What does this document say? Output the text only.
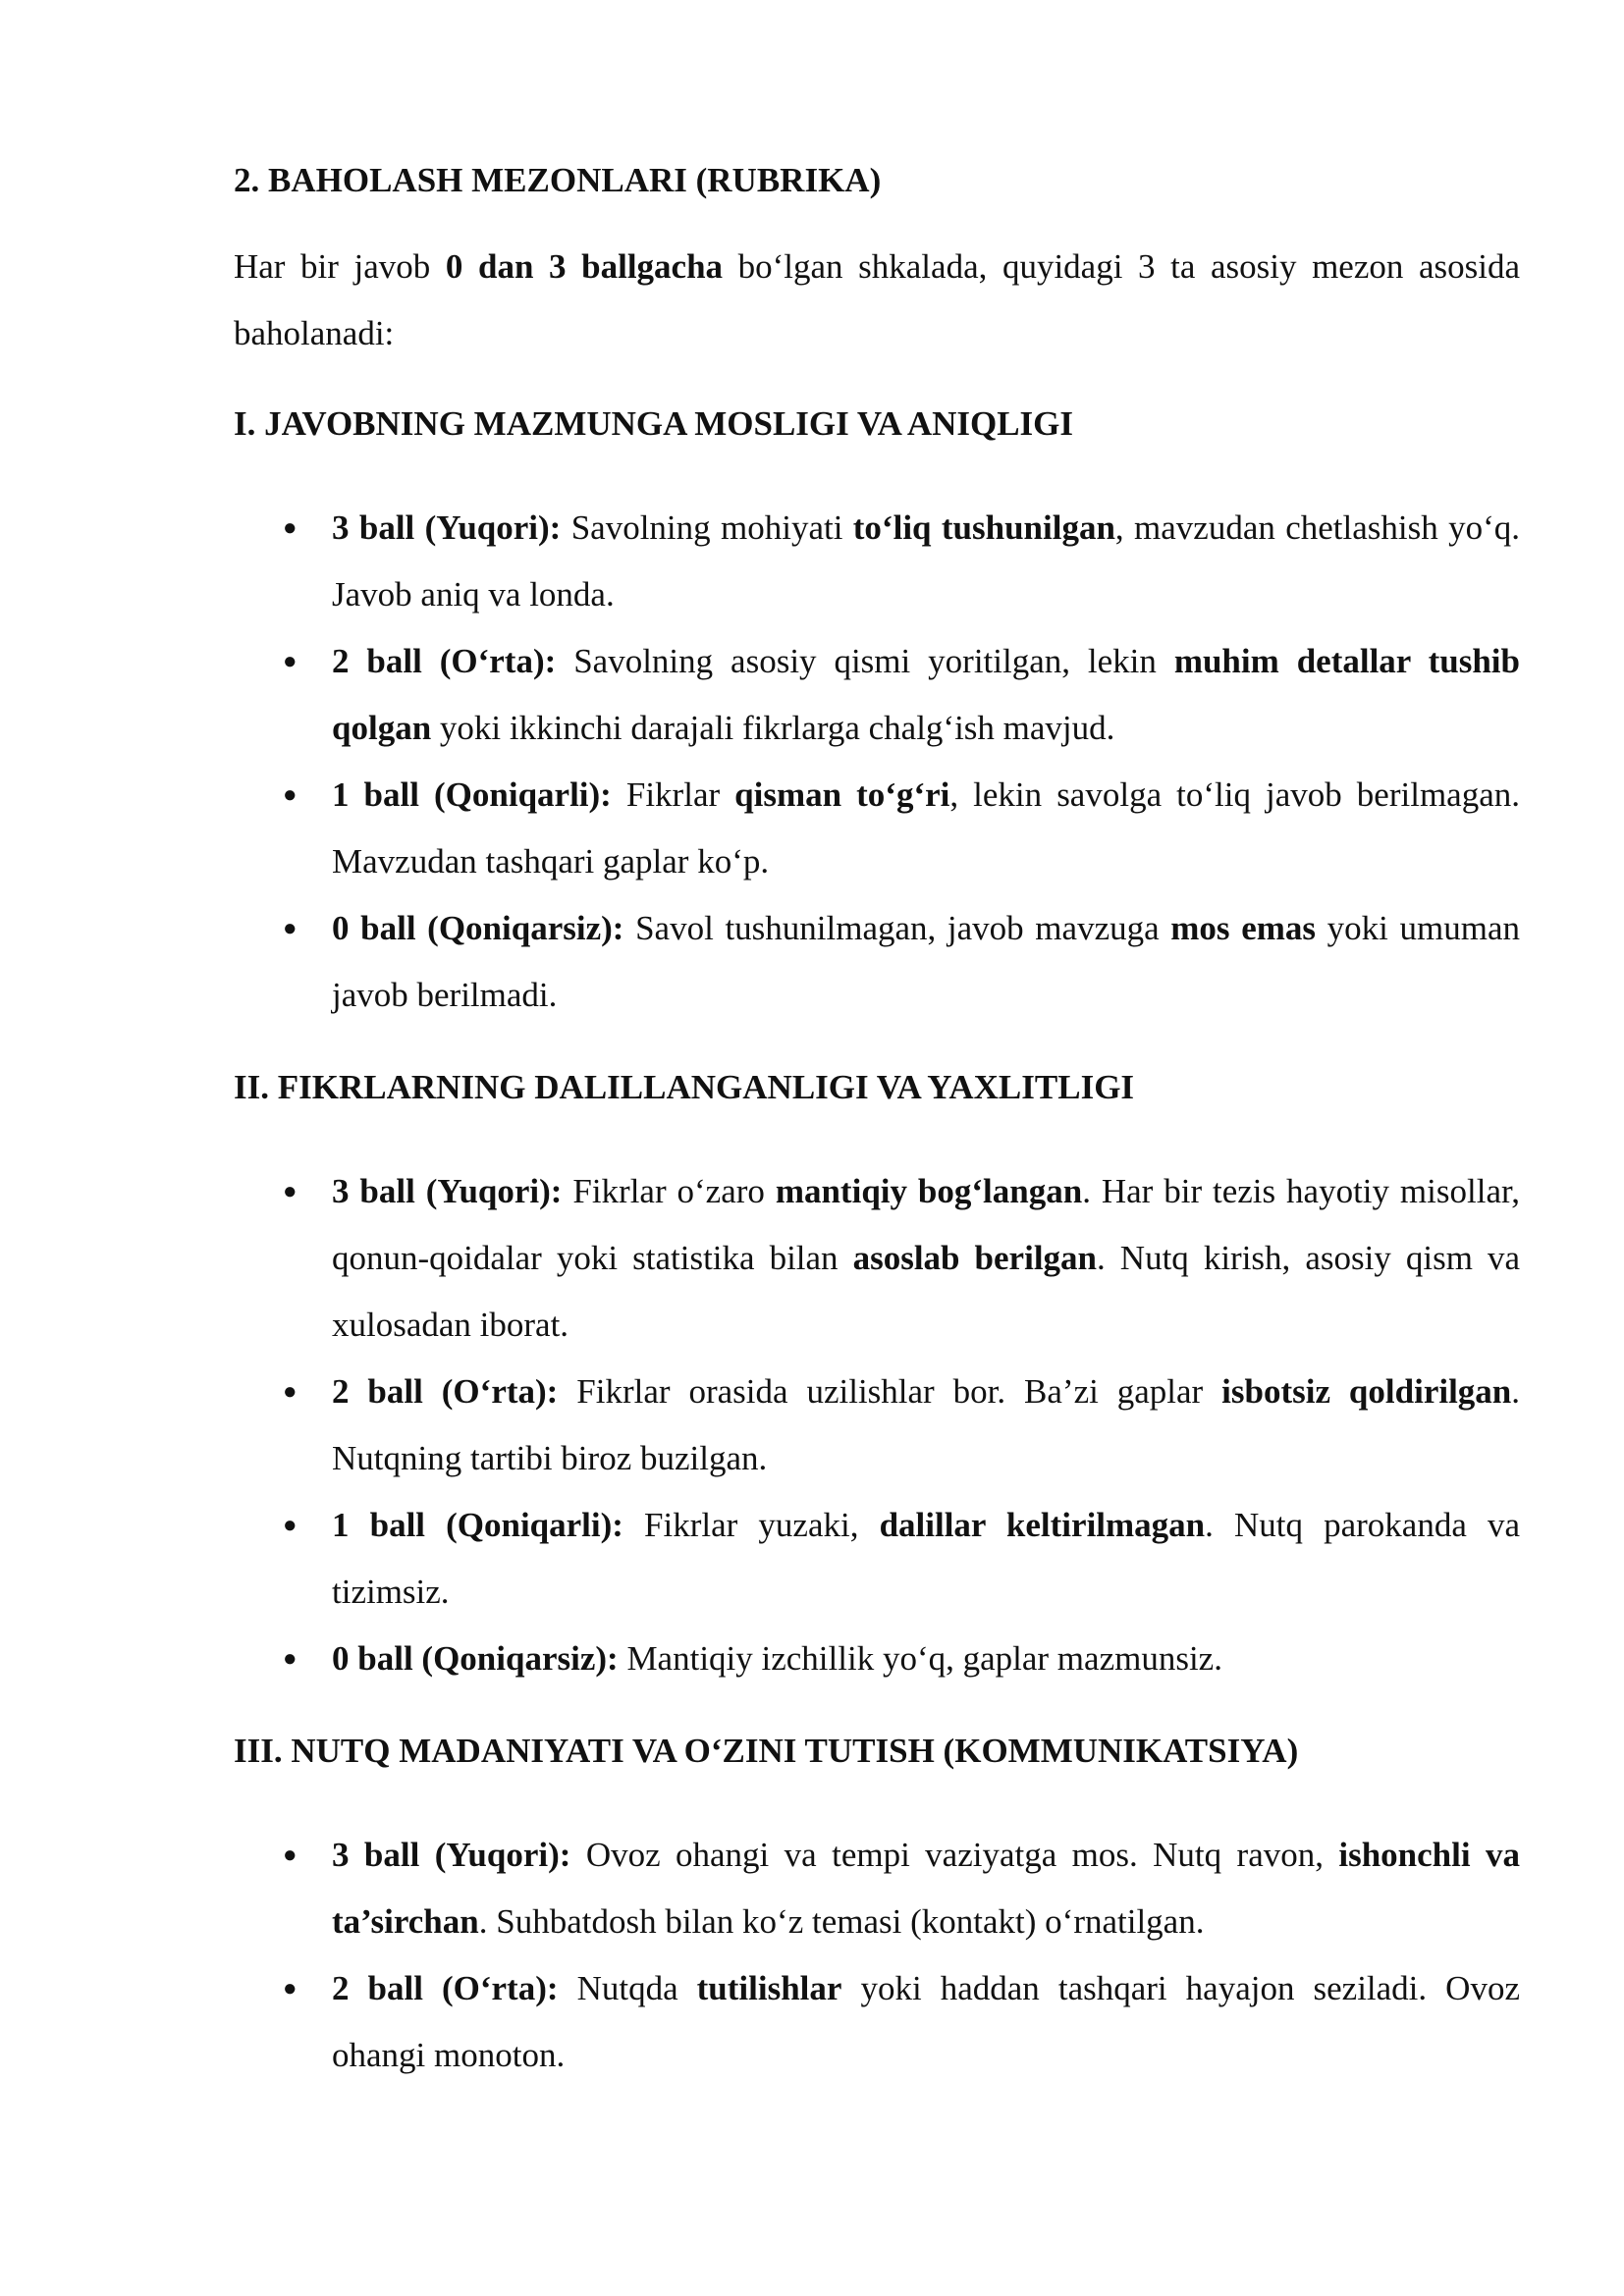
2. BAHOLASH MEZONLARI (RUBRIKA)

Har bir javob 0 dan 3 ballgacha bo‘lgan shkalada, quyidagi 3 ta asosiy mezon asosida baholanadi:

I. JAVOBNING MAZMUNGA MOSLIGI VA ANIQLIGI
● 3 ball (Yuqori): Savolning mohiyati to‘liq tushunilgan, mavzudan chetlashish yo‘q. Javob aniq va londa.
● 2 ball (O‘rta): Savolning asosiy qismi yoritilgan, lekin muhim detallar tushib qolgan yoki ikkinchi darajali fikrlarga chalg‘ish mavjud.
● 1 ball (Qoniqarli): Fikrlar qisman to‘g‘ri, lekin savolga to‘liq javob berilmagan. Mavzudan tashqari gaplar ko‘p.
● 0 ball (Qoniqarsiz): Savol tushunilmagan, javob mavzuga mos emas yoki umuman javob berilmadi.
II. FIKRLARNING DALILLANGANLIGI VA YAXLITLIGI
● 3 ball (Yuqori): Fikrlar o‘zaro mantiqiy bog‘langan. Har bir tezis hayotiy misollar, qonun-qoidalar yoki statistika bilan asoslab berilgan. Nutq kirish, asosiy qism va xulosadan iborat.
● 2 ball (O‘rta): Fikrlar orasida uzilishlar bor. Ba’zi gaplar isbotsiz qoldirilgan. Nutqning tartibi biroz buzilgan.
● 1 ball (Qoniqarli): Fikrlar yuzaki, dalillar keltirilmagan. Nutq parokanda va tizimsiz.
● 0 ball (Qoniqarsiz): Mantiqiy izchillik yo‘q, gaplar mazmunsiz.
III. NUTQ MADANIYATI VA O‘ZINI TUTISH (KOMMUNIKATSIYA)
● 3 ball (Yuqori): Ovoz ohangi va tempi vaziyatga mos. Nutq ravon, ishonchli va ta’sirchan. Suhbatdosh bilan ko‘z temasi (kontakt) o‘rnatilgan.
● 2 ball (O‘rta): Nutqda tutilishlar yoki haddan tashqari hayajon seziladi. Ovoz ohangi monoton.
